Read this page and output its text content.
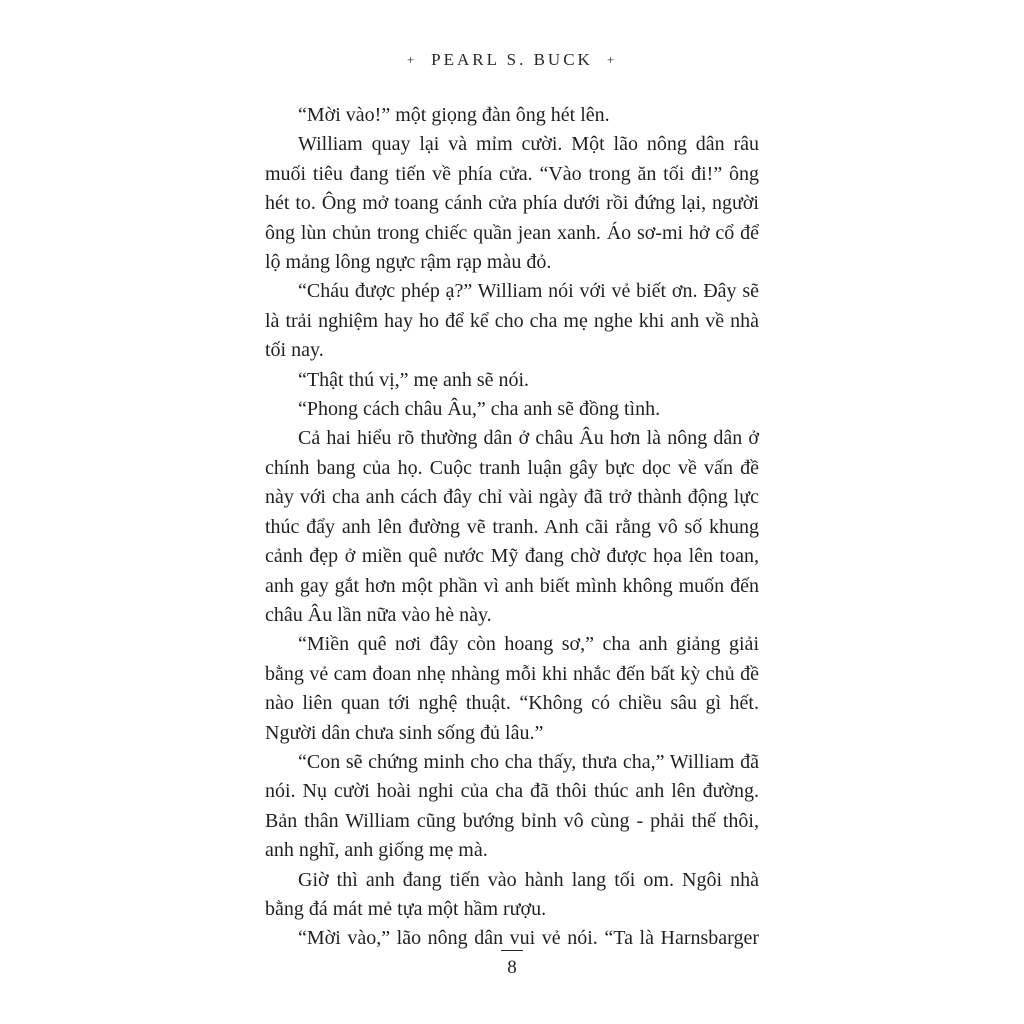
+ PEARL S. BUCK +

“Mời vào!” một giọng đàn ông hét lên.

William quay lại và mỉm cười. Một lão nông dân râu muối tiêu đang tiến về phía cửa. “Vào trong ăn tối đi!” ông hét to. Ông mở toang cánh cửa phía dưới rồi đứng lại, người ông lùn chủn trong chiếc quần jean xanh. Áo sơ-mi hở cổ để lộ mảng lông ngực rậm rạp màu đỏ.

“Cháu được phép ạ?” William nói với vẻ biết ơn. Đây sẽ là trải nghiệm hay ho để kể cho cha mẹ nghe khi anh về nhà tối nay.

“Thật thú vị,” mẹ anh sẽ nói.

“Phong cách châu Âu,” cha anh sẽ đồng tình.

Cả hai hiểu rõ thường dân ở châu Âu hơn là nông dân ở chính bang của họ. Cuộc tranh luận gây bực dọc về vấn đề này với cha anh cách đây chỉ vài ngày đã trở thành động lực thúc đẩy anh lên đường vẽ tranh. Anh cãi rằng vô số khung cảnh đẹp ở miền quê nước Mỹ đang chờ được họa lên toan, anh gay gắt hơn một phần vì anh biết mình không muốn đến châu Âu lần nữa vào hè này.

“Miền quê nơi đây còn hoang sơ,” cha anh giảng giải bằng vẻ cam đoan nhẹ nhàng mỗi khi nhắc đến bất kỳ chủ đề nào liên quan tới nghệ thuật. “Không có chiều sâu gì hết. Người dân chưa sinh sống đủ lâu.”

“Con sẽ chứng minh cho cha thấy, thưa cha,” William đã nói. Nụ cười hoài nghi của cha đã thôi thúc anh lên đường. Bản thân William cũng bướng bỉnh vô cùng - phải thế thôi, anh nghĩ, anh giống mẹ mà.

Giờ thì anh đang tiến vào hành lang tối om. Ngôi nhà bằng đá mát mẻ tựa một hầm rượu.

“Mời vào,” lão nông dân vui vẻ nói. “Ta là Harnsbarger

8
